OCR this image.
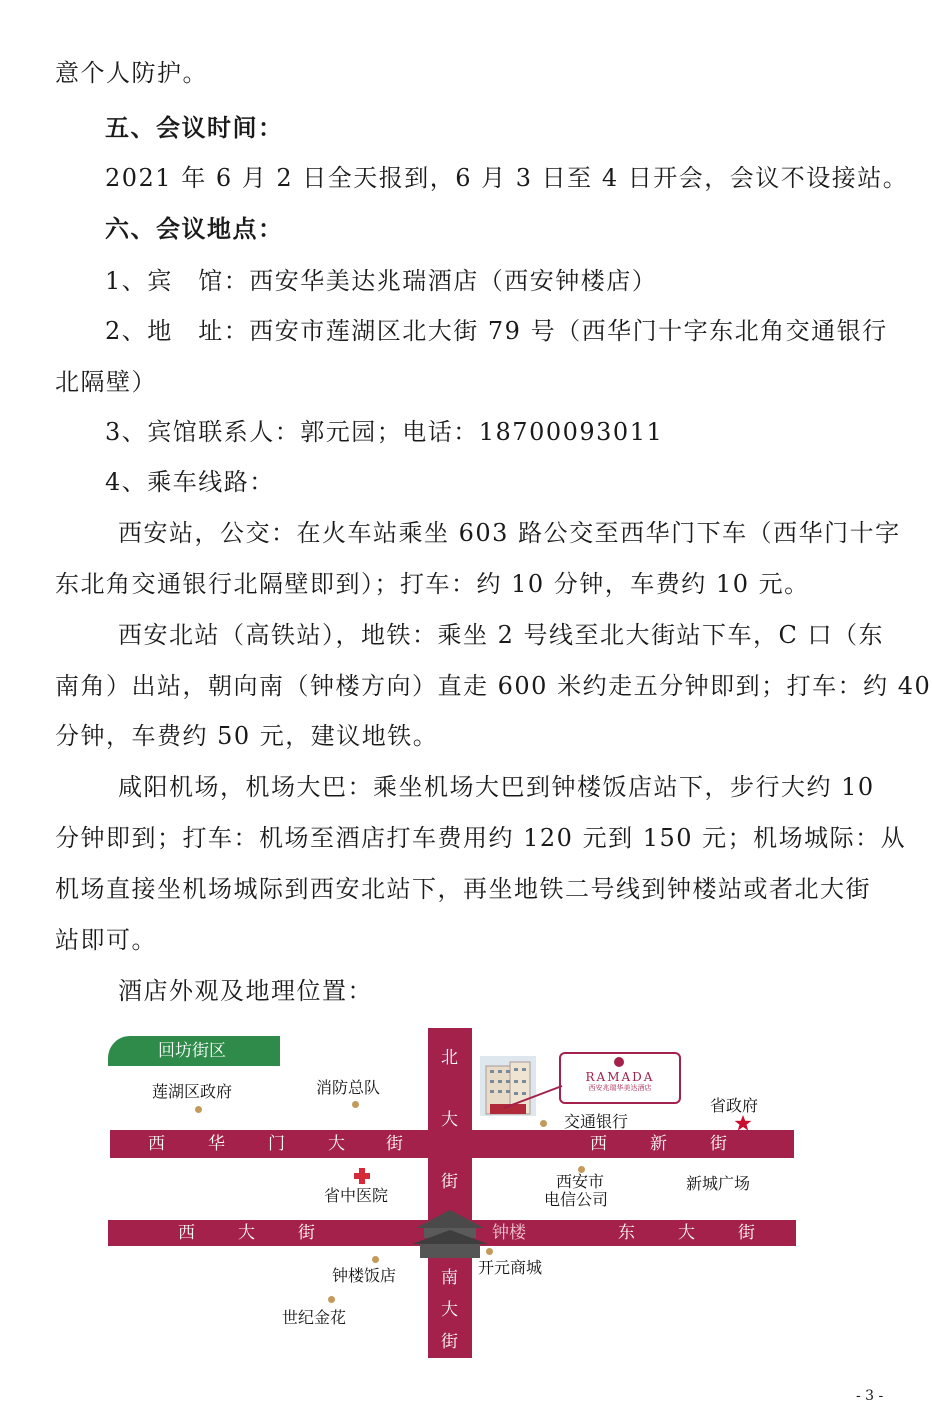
意个人防护。
五、会议时间：
2021 年 6 月 2 日全天报到，6 月 3 日至 4 日开会，会议不设接站。
六、会议地点：
1、宾　馆：西安华美达兆瑞酒店（西安钟楼店）
2、地　址：西安市莲湖区北大街 79 号（西华门十字东北角交通银行
北隔壁）
3、宾馆联系人：郭元园；电话：18700093011
4、乘车线路：
西安站，公交：在火车站乘坐 603 路公交至西华门下车（西华门十字
东北角交通银行北隔壁即到）；打车：约 10 分钟，车费约 10 元。
西安北站（高铁站），地铁：乘坐 2 号线至北大街站下车，C 口（东
南角）出站，朝向南（钟楼方向）直走 600 米约走五分钟即到；打车：约 40
分钟，车费约 50 元，建议地铁。
咸阳机场，机场大巴：乘坐机场大巴到钟楼饭店站下，步行大约 10
分钟即到；打车：机场至酒店打车费用约 120 元到 150 元；机场城际：从
机场直接坐机场城际到西安北站下，再坐地铁二号线到钟楼站或者北大街
站即可。
酒店外观及地理位置：
回坊街区	北
大
街
南
大
街
西	华	门	大 街	西	新	街
西	大	街	东	大	街
钟楼
RAMADA
西安兆瑞华美达酒店
莲湖区政府	消防总队
交通银行
省政府
省中医院
西安市
电信公司
新城广场
钟楼饭店	开元商城
世纪金花
- 3 -
